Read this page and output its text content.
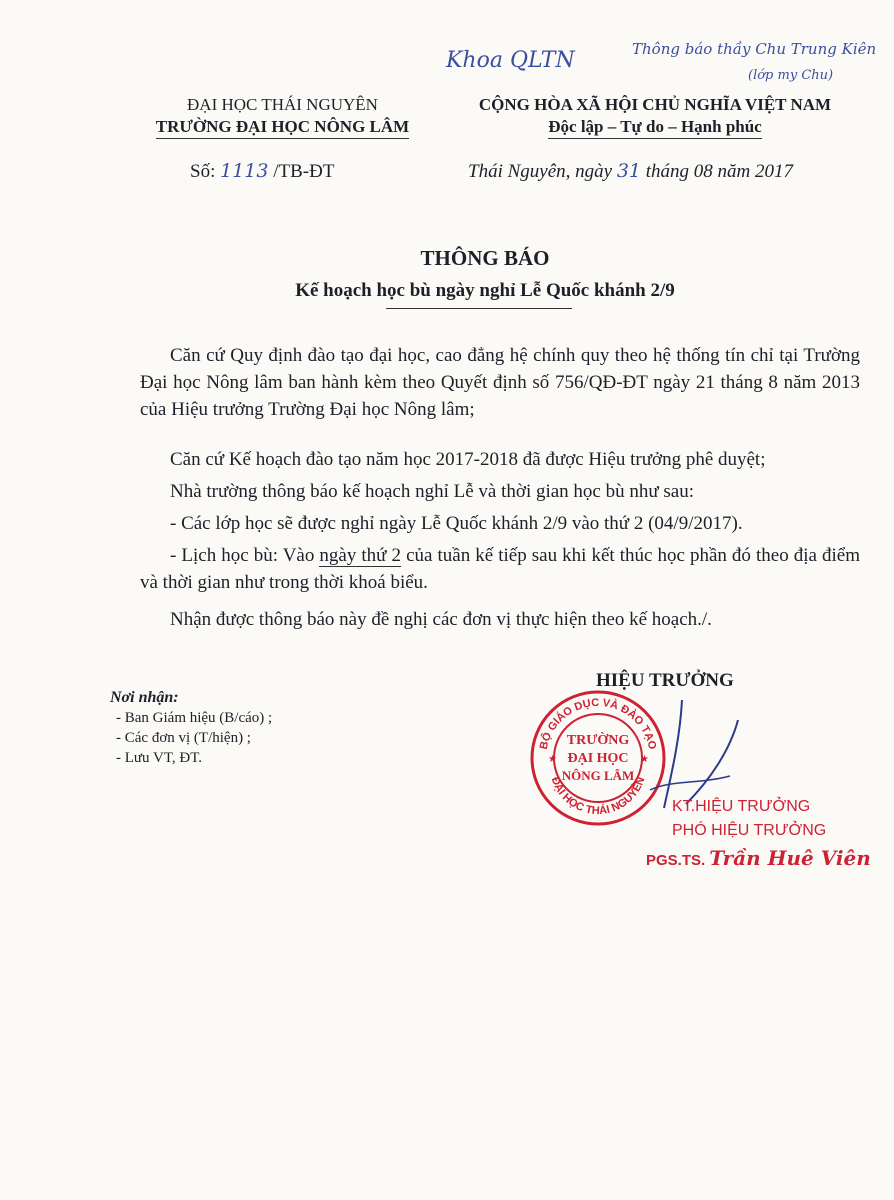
Khoa QLTN	Thông báo thầy Chu Trung Kiên
(lớp my Chu)
ĐẠI HỌC THÁI NGUYÊN
TRƯỜNG ĐẠI HỌC NÔNG LÂM
CỘNG HÒA XÃ HỘI CHỦ NGHĨA VIỆT NAM
Độc lập – Tự do – Hạnh phúc
Số: 1113 /TB-ĐT	Thái Nguyên, ngày 31 tháng 08 năm 2017
THÔNG BÁO
Kế hoạch học bù ngày nghỉ Lễ Quốc khánh 2/9
Căn cứ Quy định đào tạo đại học, cao đẳng hệ chính quy theo hệ thống tín chỉ tại Trường Đại học Nông lâm ban hành kèm theo Quyết định số 756/QĐ-ĐT ngày 21 tháng 8 năm 2013 của Hiệu trưởng Trường Đại học Nông lâm;
Căn cứ Kế hoạch đào tạo năm học 2017-2018 đã được Hiệu trưởng phê duyệt;
Nhà trường thông báo kế hoạch nghỉ Lễ và thời gian học bù như sau:
- Các lớp học sẽ được nghỉ ngày Lễ Quốc khánh 2/9 vào thứ 2 (04/9/2017).
- Lịch học bù: Vào ngày thứ 2 của tuần kế tiếp sau khi kết thúc học phần đó theo địa điểm và thời gian như trong thời khoá biểu.
Nhận được thông báo này đề nghị các đơn vị thực hiện theo kế hoạch./.
Nơi nhận:
- Ban Giám hiệu (B/cáo) ;
- Các đơn vị (T/hiện) ;
- Lưu VT, ĐT.
HIỆU TRƯỞNG
BỘ GIÁO DỤC VÀ ĐÀO TẠO
ĐẠI HỌC THÁI NGUYÊN
TRƯỜNG
ĐẠI HỌC
NÔNG LÂM
★	★
KT.HIỆU TRƯỞNG
PHÓ HIỆU TRƯỞNG
PGS.TS. Trần Huê Viên
